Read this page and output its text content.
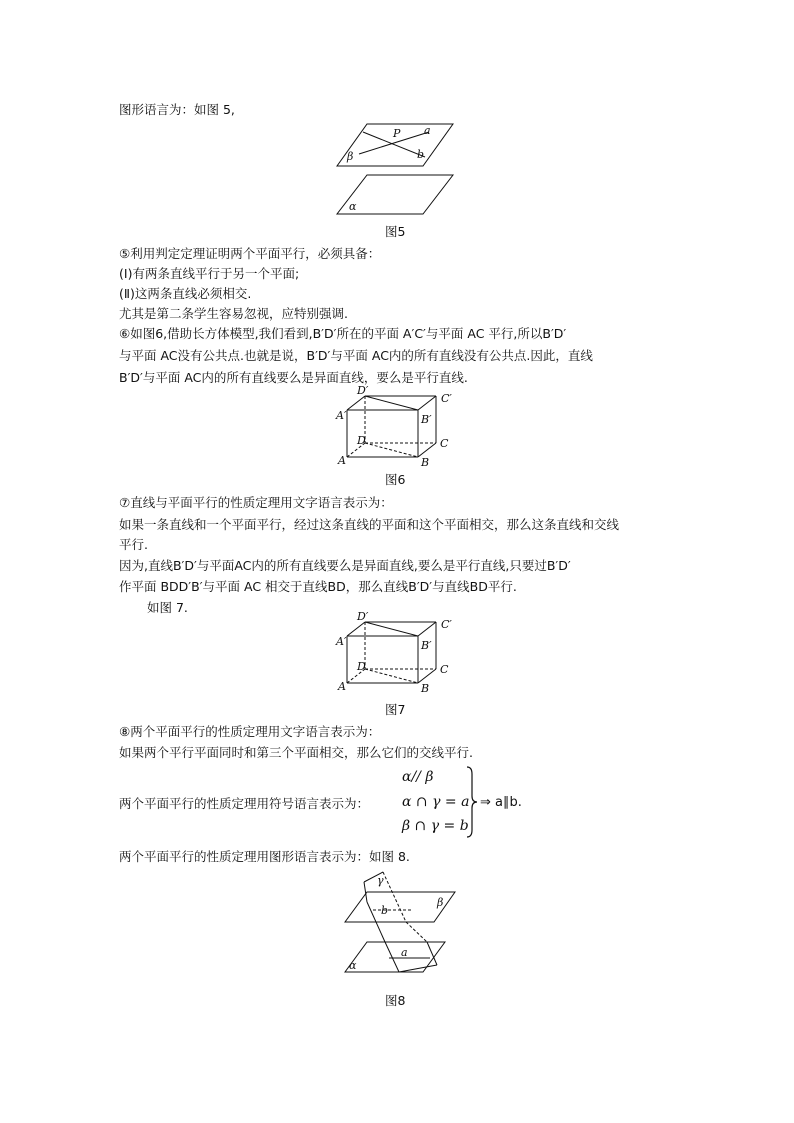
图形语言为：如图 5,
P a
b
β
α
图5
⑤利用判定定理证明两个平面平行，必须具备：
(Ⅰ)有两条直线平行于另一个平面;
(Ⅱ)这两条直线必须相交.
尤其是第二条学生容易忽视，应特别强调.
⑥如图6,借助长方体模型,我们看到,B′D′所在的平面 A′C′与平面 AC 平行,所以B′D′
与平面 AC没有公共点.也就是说，B′D′与平面 AC内的所有直线没有公共点.因此，直线
B′D′与平面 AC内的所有直线要么是异面直线，要么是平行直线.
D′
C′
A′	B′
D	C
A	B
图6
⑦直线与平面平行的性质定理用文字语言表示为：
如果一条直线和一个平面平行，经过这条直线的平面和这个平面相交，那么这条直线和交线
平行.
因为,直线B′D′与平面AC内的所有直线要么是异面直线,要么是平行直线,只要过B′D′
作平面 BDD′B′与平面 AC 相交于直线BD，那么直线B′D′与直线BD平行.
如图 7.
D′
C′
A′	B′
D	C
A	B
图7
⑧两个平面平行的性质定理用文字语言表示为：
如果两个平行平面同时和第三个平面相交，那么它们的交线平行.
两个平面平行的性质定理用符号语言表示为：
α// β
α ∩ γ = a
β ∩ γ = b
⇒ a∥b.
两个平面平行的性质定理用图形语言表示为：如图 8.
γ
b
β
a
α
图8
